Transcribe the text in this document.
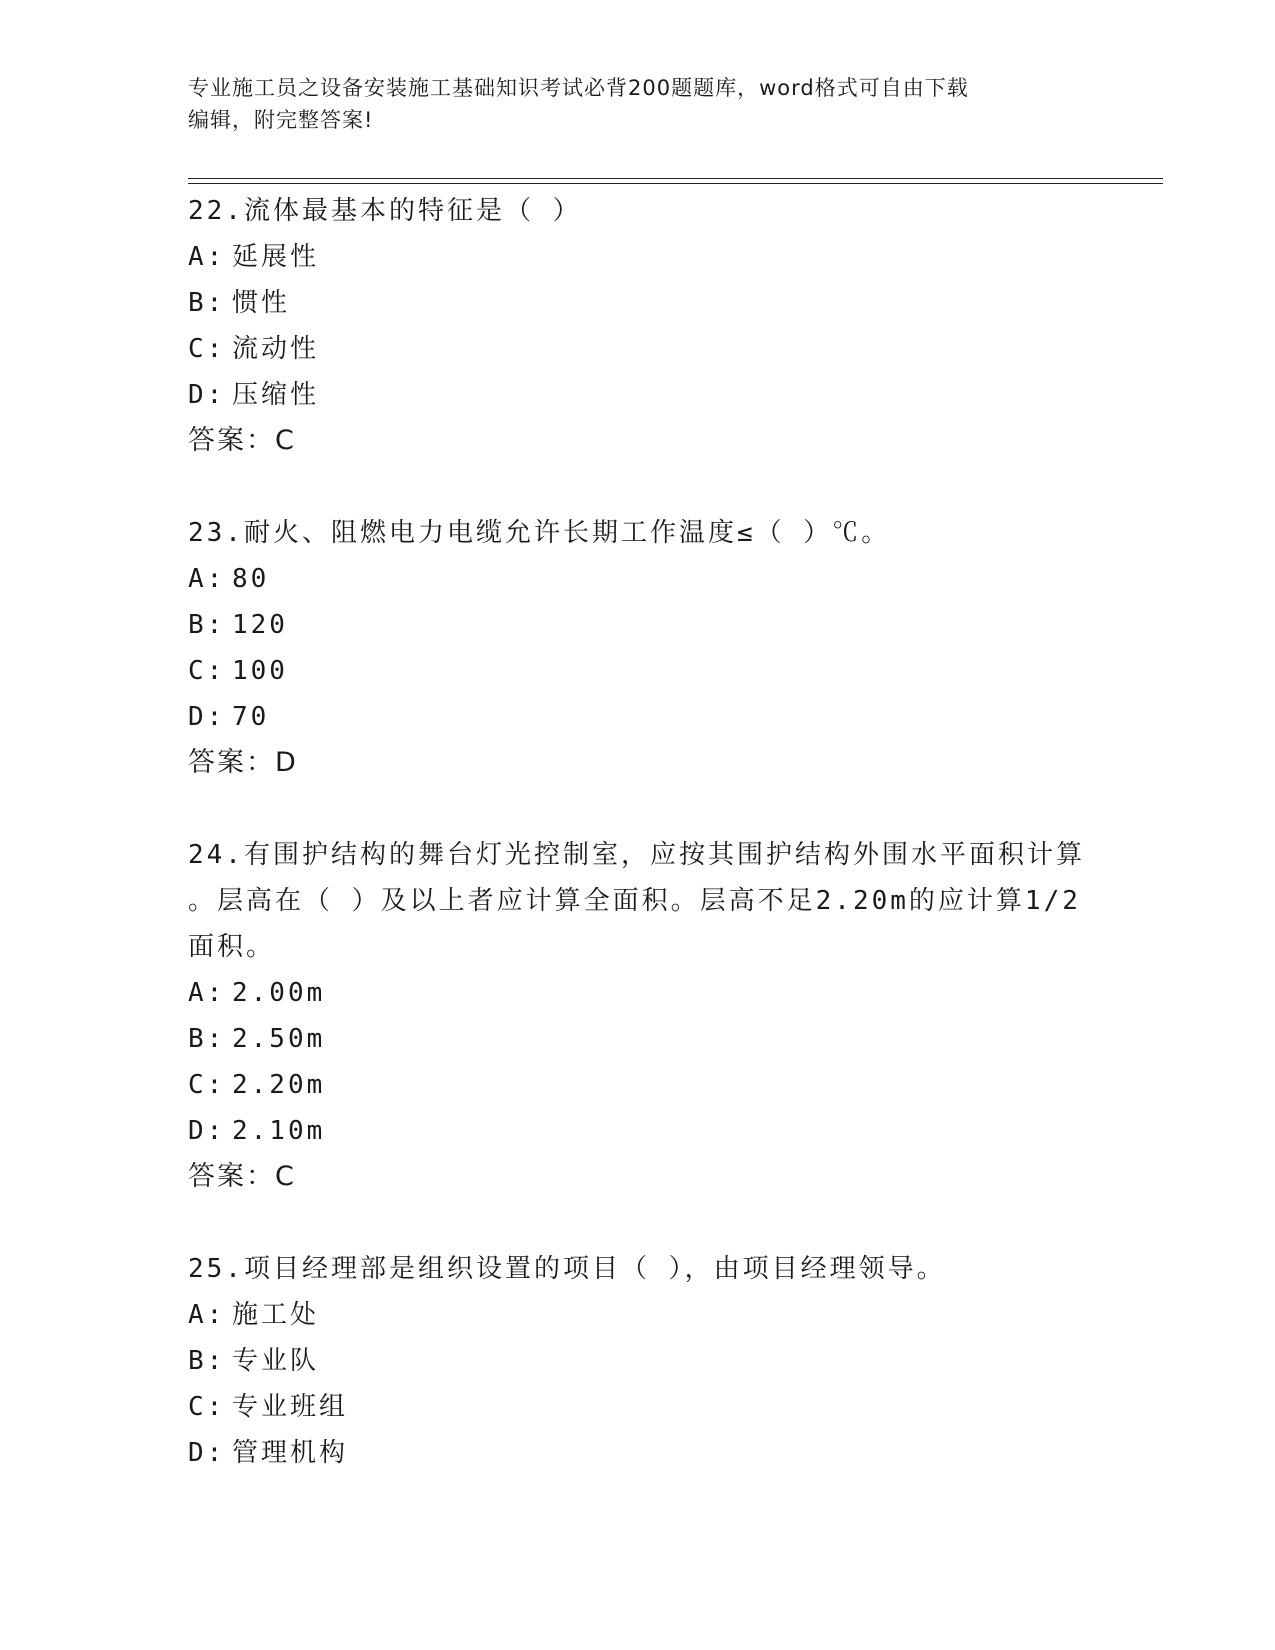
专业施工员之设备安装施工基础知识考试必背200题题库，word格式可自由下载
编辑，附完整答案!
22.流体最基本的特征是（ ）
A: 延展性
B: 惯性
C: 流动性
D: 压缩性
答案：C
23.耐火、阻燃电力电缆允许长期工作温度≤（ ）℃。
A: 80
B: 120
C: 100
D: 70
答案：D
24.有围护结构的舞台灯光控制室，应按其围护结构外围水平面积计算
。层高在（ ）及以上者应计算全面积。层高不足2.20m的应计算1/2
面积。
A: 2.00m
B: 2.50m
C: 2.20m
D: 2.10m
答案：C
25.项目经理部是组织设置的项目（ ），由项目经理领导。
A: 施工处
B: 专业队
C: 专业班组
D: 管理机构
